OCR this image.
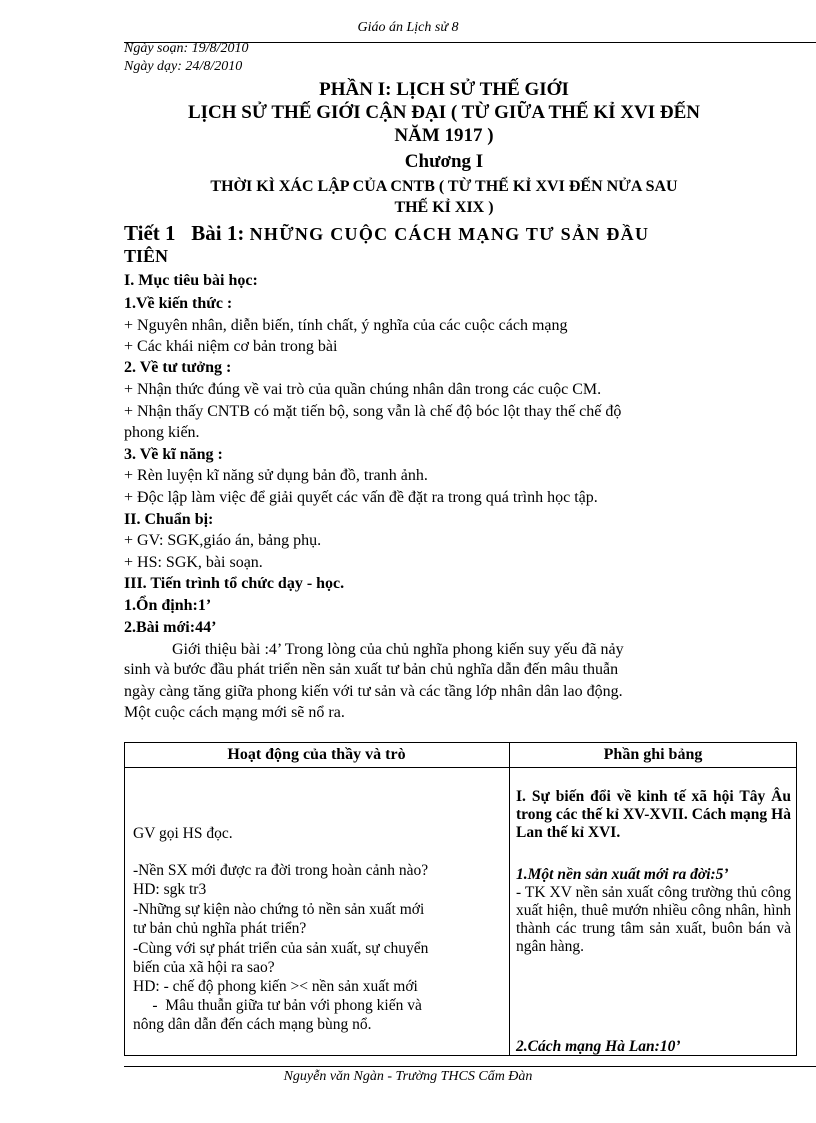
Giáo án Lịch sử 8
Ngày soạn: 19/8/2010
Ngày dạy: 24/8/2010
PHẦN I: LỊCH SỬ THẾ GIỚI
LỊCH SỬ THẾ GIỚI CẬN ĐẠI ( TỪ GIỮA THẾ KỈ XVI ĐẾN
NĂM 1917 )
Chương I
THỜI KÌ XÁC LẬP CỦA CNTB ( TỪ THẾ KỈ XVI ĐẾN NỬA SAU
THẾ KỈ XIX )
Tiết 1   Bài 1: NHỮNG CUỘC CÁCH MẠNG TƯ SẢN ĐẦU
TIÊN
I. Mục tiêu bài học:
1.Về kiến thức :
+ Nguyên nhân, diễn biến, tính chất, ý nghĩa của các cuộc cách mạng
+ Các khái niệm cơ bản trong bài
2. Về tư tưởng :
+ Nhận thức đúng về vai trò của quần chúng nhân dân trong các cuộc CM.
+ Nhận thấy CNTB có mặt tiến bộ, song vẫn là chế độ bóc lột thay thế chế độ
phong kiến.
3. Về kĩ năng :
+ Rèn luyện kĩ năng sử dụng bản đồ, tranh ảnh.
+ Độc lập làm việc để giải quyết các vấn đề đặt ra trong quá trình học tập.
II. Chuẩn bị:
+ GV: SGK,giáo án, bảng phụ.
+ HS: SGK, bài soạn.
III. Tiến trình tổ chức dạy - học.
1.Ổn định:1’
2.Bài mới:44’
Giới thiệu bài :4’ Trong lòng của chủ nghĩa phong kiến suy yếu đã nảy
sinh và bước đầu phát triển nền sản xuất tư bản chủ nghĩa dẫn đến mâu thuẫn
ngày càng tăng giữa phong kiến với tư sản và các tầng lớp nhân dân lao động.
Một cuộc cách mạng mới sẽ nổ ra.
Hoạt động của thầy và trò	Phần ghi bảng
GV gọi HS đọc.
-Nền SX mới được ra đời trong hoàn cảnh nào?
HD: sgk tr3
-Những sự kiện nào chứng tỏ nền sản xuất mới
tư bản chủ nghĩa phát triển?
-Cùng với sự phát triển của sản xuất, sự chuyển
biến của xã hội ra sao?
HD: - chế độ phong kiến >< nền sản xuất mới
-  Mâu thuẫn giữa tư bản với phong kiến và
nông dân dẫn đến cách mạng bùng nổ.
I. Sự biến đổi về kinh tế xã hội Tây Âu trong các thế kỉ XV-XVII. Cách mạng Hà Lan thế kỉ XVI.
1.Một nền sản xuất mới ra đời:5’
- TK XV nền sản xuất công trường thủ công xuất hiện, thuê mướn nhiều công nhân, hình thành các trung tâm sản xuất, buôn bán và ngân hàng.
2.Cách mạng Hà Lan:10’
Nguyễn văn Ngàn - Trường THCS Cẩm Đàn
